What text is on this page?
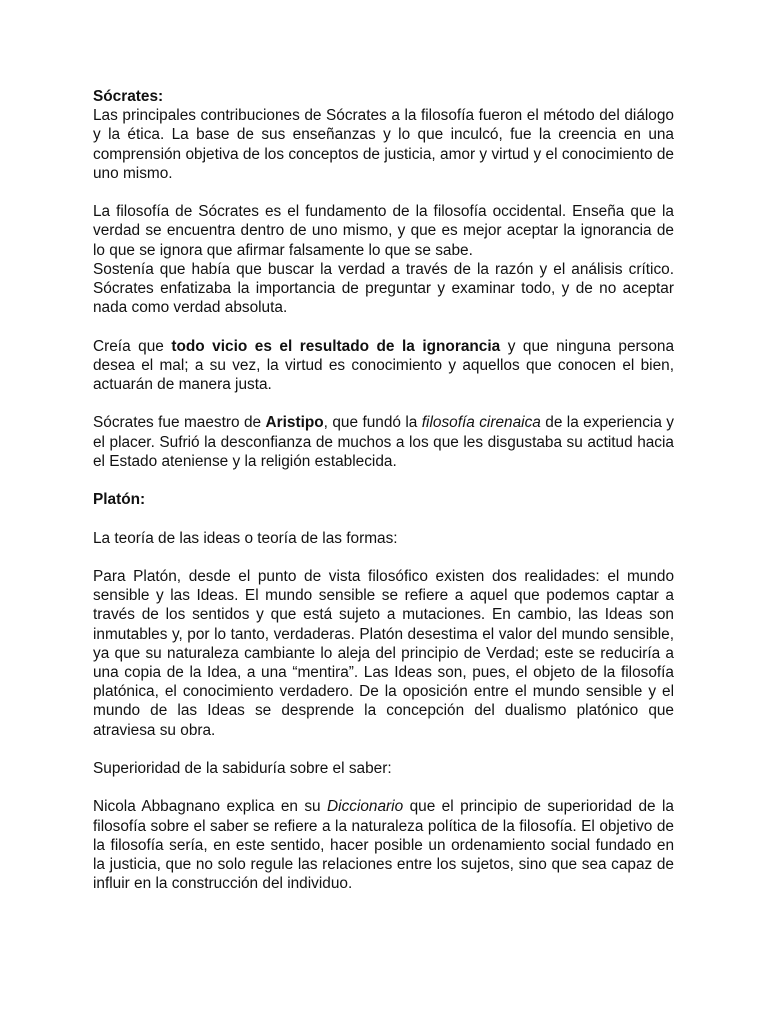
Sócrates:

Las principales contribuciones de Sócrates a la filosofía fueron el método del diálogo y la ética. La base de sus enseñanzas y lo que inculcó, fue la creencia en una comprensión objetiva de los conceptos de justicia, amor y virtud y el conocimiento de uno mismo.

La filosofía de Sócrates es el fundamento de la filosofía occidental. Enseña que la verdad se encuentra dentro de uno mismo, y que es mejor aceptar la ignorancia de lo que se ignora que afirmar falsamente lo que se sabe.

Sostenía que había que buscar la verdad a través de la razón y el análisis crítico. Sócrates enfatizaba la importancia de preguntar y examinar todo, y de no aceptar nada como verdad absoluta.

Creía que todo vicio es el resultado de la ignorancia y que ninguna persona desea el mal; a su vez, la virtud es conocimiento y aquellos que conocen el bien, actuarán de manera justa.

Sócrates fue maestro de Aristipo, que fundó la filosofía cirenaica de la experiencia y el placer. Sufrió la desconfianza de muchos a los que les disgustaba su actitud hacia el Estado ateniense y la religión establecida.

Platón:

La teoría de las ideas o teoría de las formas:

Para Platón, desde el punto de vista filosófico existen dos realidades: el mundo sensible y las Ideas. El mundo sensible se refiere a aquel que podemos captar a través de los sentidos y que está sujeto a mutaciones. En cambio, las Ideas son inmutables y, por lo tanto, verdaderas. Platón desestima el valor del mundo sensible, ya que su naturaleza cambiante lo aleja del principio de Verdad; este se reduciría a una copia de la Idea, a una “mentira”. Las Ideas son, pues, el objeto de la filosofía platónica, el conocimiento verdadero. De la oposición entre el mundo sensible y el mundo de las Ideas se desprende la concepción del dualismo platónico que atraviesa su obra.

Superioridad de la sabiduría sobre el saber:

Nicola Abbagnano explica en su Diccionario que el principio de superioridad de la filosofía sobre el saber se refiere a la naturaleza política de la filosofía. El objetivo de la filosofía sería, en este sentido, hacer posible un ordenamiento social fundado en la justicia, que no solo regule las relaciones entre los sujetos, sino que sea capaz de influir en la construcción del individuo.
